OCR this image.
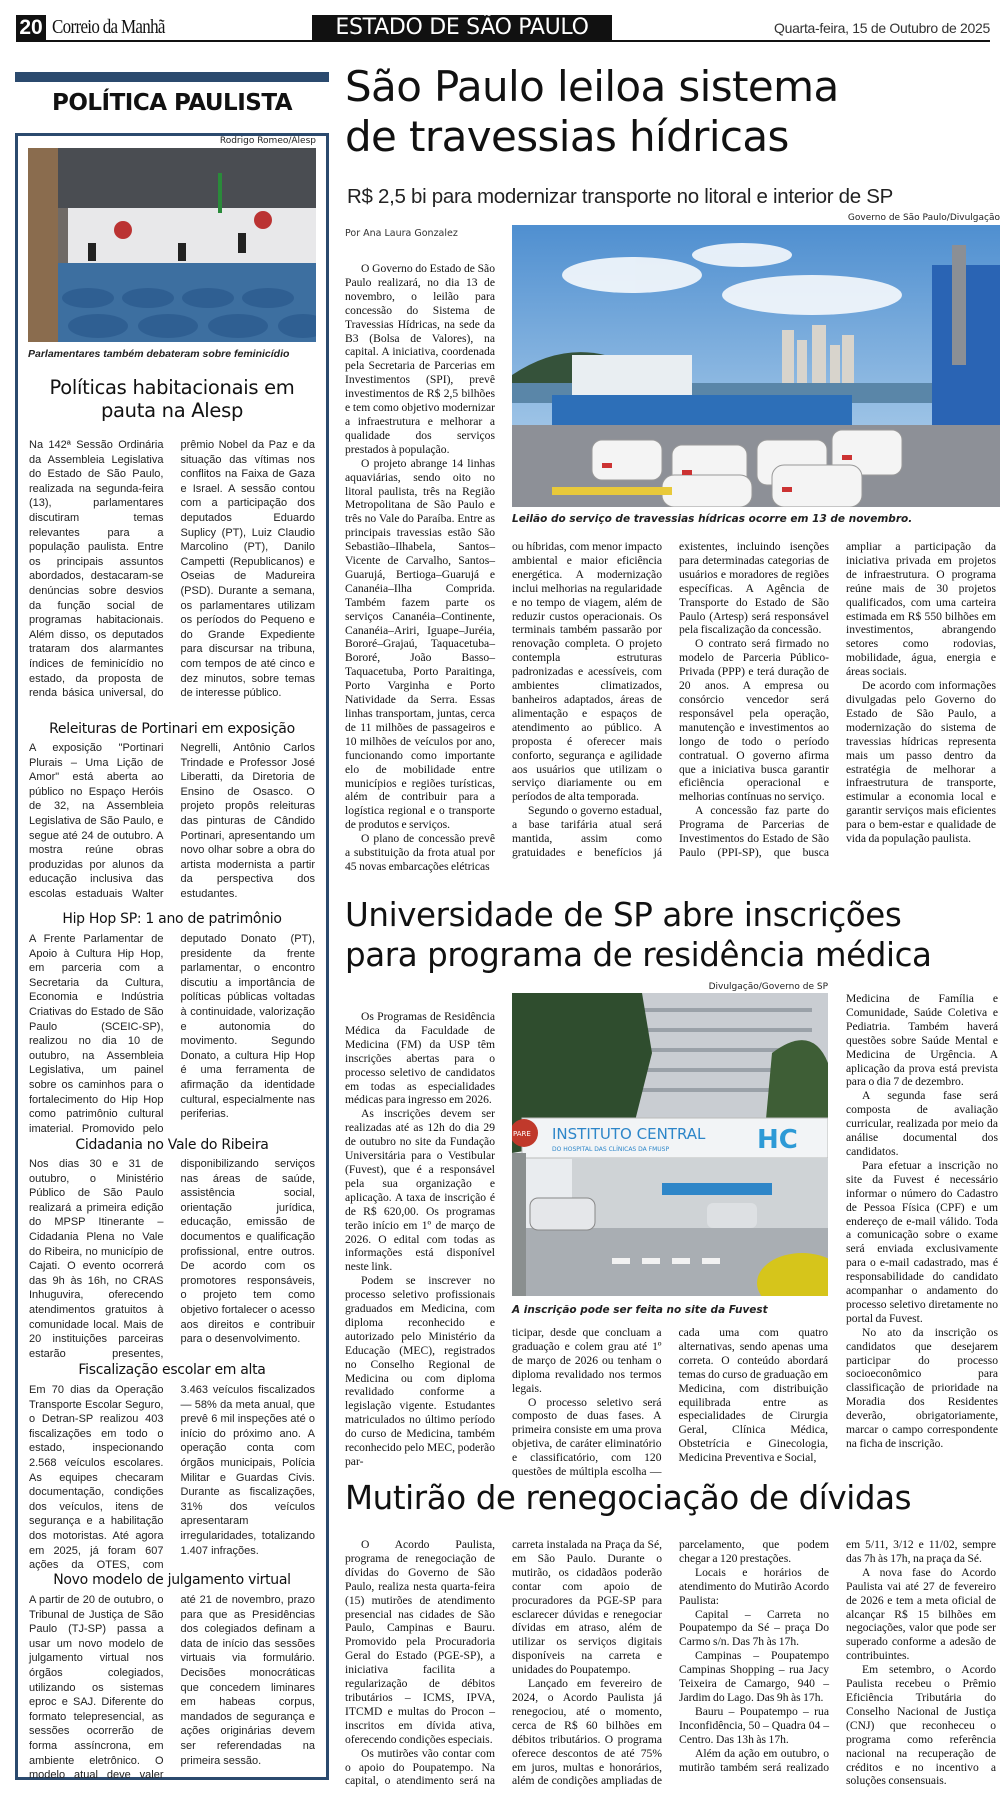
20 Correio da Manhã	ESTADO DE SÃO PAULO	Quarta-feira, 15 de Outubro de 2025
POLÍTICA PAULISTA
Rodrigo Romeo/Alesp
Parlamentares também debateram sobre feminicídio
Políticas habitacionais em pauta na Alesp

Na 142ª Sessão Ordinária da Assembleia Legislativa do Estado de São Paulo, realizada na segunda-feira (13), parlamentares discutiram temas relevantes para a população paulista. Entre os principais assuntos abordados, destacaram-se denúncias sobre desvios da função social de programas habitacionais. Além disso, os deputados trataram dos alarmantes índices de feminicídio no estado, da proposta de renda básica universal, do prêmio Nobel da Paz e da situação das vítimas nos conflitos na Faixa de Gaza e Israel. A sessão contou com a participação dos deputados Eduardo Suplicy (PT), Luiz Claudio Marcolino (PT), Danilo Campetti (Republicanos) e Oseias de Madureira (PSD). Durante a semana, os parlamentares utilizam os períodos do Pequeno e do Grande Expediente para discursar na tribuna, com tempos de até cinco e dez minutos, sobre temas de interesse público.

Releituras de Portinari em exposição

A exposição "Portinari Plurais – Uma Lição de Amor" está aberta ao público no Espaço Heróis de 32, na Assembleia Legislativa de São Paulo, e segue até 24 de outubro. A mostra reúne obras produzidas por alunos da educação inclusiva das escolas estaduais Walter Negrelli, Antônio Carlos Trindade e Professor José Liberatti, da Diretoria de Ensino de Osasco. O projeto propôs releituras das pinturas de Cândido Portinari, apresentando um novo olhar sobre a obra do artista modernista a partir da perspectiva dos estudantes.

Hip Hop SP: 1 ano de patrimônio

A Frente Parlamentar de Apoio à Cultura Hip Hop, em parceria com a Secretaria da Cultura, Economia e Indústria Criativas do Estado de São Paulo (SCEIC-SP), realizou no dia 10 de outubro, na Assembleia Legislativa, um painel sobre os caminhos para o fortalecimento do Hip Hop como patrimônio cultural imaterial. Promovido pelo deputado Donato (PT), presidente da frente parlamentar, o encontro discutiu a importância de políticas públicas voltadas à continuidade, valorização e autonomia do movimento. Segundo Donato, a cultura Hip Hop é uma ferramenta de afirmação da identidade cultural, especialmente nas periferias.

Cidadania no Vale do Ribeira

Nos dias 30 e 31 de outubro, o Ministério Público de São Paulo realizará a primeira edição do MPSP Itinerante – Cidadania Plena no Vale do Ribeira, no município de Cajati. O evento ocorrerá das 9h às 16h, no CRAS Inhuguvira, oferecendo atendimentos gratuitos à comunidade local. Mais de 20 instituições parceiras estarão presentes, disponibilizando serviços nas áreas de saúde, assistência social, orientação jurídica, educação, emissão de documentos e qualificação profissional, entre outros. De acordo com os promotores responsáveis, o projeto tem como objetivo fortalecer o acesso aos direitos e contribuir para o desenvolvimento.

Fiscalização escolar em alta

Em 70 dias da Operação Transporte Escolar Seguro, o Detran-SP realizou 403 fiscalizações em todo o estado, inspecionando 2.568 veículos escolares. As equipes checaram documentação, condições dos veículos, itens de segurança e a habilitação dos motoristas. Até agora em 2025, já foram 607 ações da OTES, com 3.463 veículos fiscalizados — 58% da meta anual, que prevê 6 mil inspeções até o início do próximo ano. A operação conta com órgãos municipais, Polícia Militar e Guardas Civis. Durante as fiscalizações, 31% dos veículos apresentaram irregularidades, totalizando 1.407 infrações.

Novo modelo de julgamento virtual

A partir de 20 de outubro, o Tribunal de Justiça de São Paulo (TJ-SP) passa a usar um novo modelo de julgamento virtual nos órgãos colegiados, utilizando os sistemas eproc e SAJ. Diferente do formato telepresencial, as sessões ocorrerão de forma assíncrona, em ambiente eletrônico. O modelo atual deve valer até 21 de novembro, prazo para que as Presidências dos colegiados definam a data de início das sessões virtuais via formulário. Decisões monocráticas que concedem liminares em habeas corpus, mandados de segurança e ações originárias devem ser referendadas na primeira sessão.

São Paulo leiloa sistema
de travessias hídricas
R$ 2,5 bi para modernizar transporte no litoral e interior de SP
Por Ana Laura Gonzalez
Governo de São Paulo/Divulgação
Leilão do serviço de travessias hídricas ocorre em 13 de novembro.

O Governo do Estado de São Paulo realizará, no dia 13 de novembro, o leilão para concessão do Sistema de Travessias Hídricas, na sede da B3 (Bolsa de Valores), na capital. A iniciativa, coordenada pela Secretaria de Parcerias em Investimentos (SPI), prevê investimentos de R$ 2,5 bilhões e tem como objetivo modernizar a infraestrutura e melhorar a qualidade dos serviços prestados à população.

O projeto abrange 14 linhas aquaviárias, sendo oito no litoral paulista, três na Região Metropolitana de São Paulo e três no Vale do Paraíba. Entre as principais travessias estão São Sebastião–Ilhabela, Santos–Vicente de Carvalho, Santos–Guarujá, Bertioga–Guarujá e Cananéia–Ilha Comprida. Também fazem parte os serviços Cananéia–Continente, Cananéia–Ariri, Iguape–Juréia, Bororé–Grajaú, Taquacetuba–Bororé, João Basso–Taquacetuba, Porto Paraitinga, Porto Varginha e Porto Natividade da Serra. Essas linhas transportam, juntas, cerca de 11 milhões de passageiros e 10 milhões de veículos por ano, funcionando como importante elo de mobilidade entre municípios e regiões turísticas, além de contribuir para a logística regional e o transporte de produtos e serviços.

O plano de concessão prevê a substituição da frota atual por 45 novas embarcações elétricas

ou híbridas, com menor impacto ambiental e maior eficiência energética. A modernização inclui melhorias na regularidade e no tempo de viagem, além de reduzir custos operacionais. Os terminais também passarão por renovação completa. O projeto contempla estruturas padronizadas e acessíveis, com ambientes climatizados, banheiros adaptados, áreas de alimentação e espaços de atendimento ao público. A proposta é oferecer mais conforto, segurança e agilidade aos usuários que utilizam o serviço diariamente ou em períodos de alta temporada.

Segundo o governo estadual, a base tarifária atual será mantida, assim como gratuidades e benefícios já existentes, incluindo isenções para determinadas categorias de usuários e moradores de regiões específicas. A Agência de Transporte do Estado de São Paulo (Artesp) será responsável pela fiscalização da concessão.

O contrato será firmado no modelo de Parceria Público-Privada (PPP) e terá duração de 20 anos. A empresa ou consórcio vencedor será responsável pela operação, manutenção e investimentos ao longo de todo o período contratual. O governo afirma que a iniciativa busca garantir eficiência operacional e melhorias contínuas no serviço.

A concessão faz parte do Programa de Parcerias de Investimentos do Estado de São Paulo (PPI-SP), que busca ampliar a participação da iniciativa privada em projetos de infraestrutura. O programa reúne mais de 30 projetos qualificados, com uma carteira estimada em R$ 550 bilhões em investimentos, abrangendo setores como rodovias, mobilidade, água, energia e áreas sociais.

De acordo com informações divulgadas pelo Governo do Estado de São Paulo, a modernização do sistema de travessias hídricas representa mais um passo dentro da estratégia de melhorar a infraestrutura de transporte, estimular a economia local e garantir serviços mais eficientes para o bem-estar e qualidade de vida da população paulista.

Universidade de SP abre inscrições
para programa de residência médica
Divulgação/Governo de SP
INSTITUTO CENTRAL
DO HOSPITAL DAS CLÍNICAS DA FMUSP	HC
PARE
A inscrição pode ser feita no site da Fuvest

Os Programas de Residência Médica da Faculdade de Medicina (FM) da USP têm inscrições abertas para o processo seletivo de candidatos em todas as especialidades médicas para ingresso em 2026.

As inscrições devem ser realizadas até as 12h do dia 29 de outubro no site da Fundação Universitária para o Vestibular (Fuvest), que é a responsável pela sua organização e aplicação. A taxa de inscrição é de R$ 620,00. Os programas terão início em 1º de março de 2026. O edital com todas as informações está disponível neste link.

Podem se inscrever no processo seletivo profissionais graduados em Medicina, com diploma reconhecido e autorizado pelo Ministério da Educação (MEC), registrados no Conselho Regional de Medicina ou com diploma revalidado conforme a legislação vigente. Estudantes matriculados no último período do curso de Medicina, também reconhecido pelo MEC, poderão par-

ticipar, desde que concluam a graduação e colem grau até 1º de março de 2026 ou tenham o diploma revalidado nos termos legais.

O processo seletivo será composto de duas fases. A primeira consiste em uma prova objetiva, de caráter eliminatório e classificatório, com 120 questões de múltipla escolha — cada uma com quatro alternativas, sendo apenas uma correta. O conteúdo abordará temas do curso de graduação em Medicina, com distribuição equilibrada entre as especialidades de Cirurgia Geral, Clínica Médica, Obstetrícia e Ginecologia, Medicina Preventiva e Social,

Medicina de Família e Comunidade, Saúde Coletiva e Pediatria. Também haverá questões sobre Saúde Mental e Medicina de Urgência. A aplicação da prova está prevista para o dia 7 de dezembro.

A segunda fase será composta de avaliação curricular, realizada por meio da análise documental dos candidatos.

Para efetuar a inscrição no site da Fuvest é necessário informar o número do Cadastro de Pessoa Física (CPF) e um endereço de e-mail válido. Toda a comunicação sobre o exame será enviada exclusivamente para o e-mail cadastrado, mas é responsabilidade do candidato acompanhar o andamento do processo seletivo diretamente no portal da Fuvest.

No ato da inscrição os candidatos que desejarem participar do processo socioeconômico para classificação de prioridade na Moradia dos Residentes deverão, obrigatoriamente, marcar o campo correspondente na ficha de inscrição.

Mutirão de renegociação de dívidas

O Acordo Paulista, programa de renegociação de dívidas do Governo de São Paulo, realiza nesta quarta-feira (15) mutirões de atendimento presencial nas cidades de São Paulo, Campinas e Bauru. Promovido pela Procuradoria Geral do Estado (PGE-SP), a iniciativa facilita a regularização de débitos tributários – ICMS, IPVA, ITCMD e multas do Procon – inscritos em dívida ativa, oferecendo condições especiais.

Os mutirões vão contar com o apoio do Poupatempo. Na capital, o atendimento será na carreta instalada na Praça da Sé, em São Paulo. Durante o mutirão, os cidadãos poderão contar com apoio de procuradores da PGE-SP para esclarecer dúvidas e renegociar dívidas em atraso, além de utilizar os serviços digitais disponíveis na carreta e unidades do Poupatempo.

Lançado em fevereiro de 2024, o Acordo Paulista já renegociou, até o momento, cerca de R$ 60 bilhões em débitos tributários. O programa oferece descontos de até 75% em juros, multas e honorários, além de condições ampliadas de parcelamento, que podem chegar a 120 prestações.

Locais e horários de atendimento do Mutirão Acordo Paulista:

Capital – Carreta no Poupatempo da Sé – praça Do Carmo s/n. Das 7h às 17h.

Campinas – Poupatempo Campinas Shopping – rua Jacy Teixeira de Camargo, 940 – Jardim do Lago. Das 9h às 17h.

Bauru – Poupatempo – rua Inconfidência, 50 – Quadra 04 – Centro. Das 13h às 17h.

Além da ação em outubro, o mutirão também será realizado em 5/11, 3/12 e 11/02, sempre das 7h às 17h, na praça da Sé.

A nova fase do Acordo Paulista vai até 27 de fevereiro de 2026 e tem a meta oficial de alcançar R$ 15 bilhões em negociações, valor que pode ser superado conforme a adesão de contribuintes.

Em setembro, o Acordo Paulista recebeu o Prêmio Eficiência Tributária do Conselho Nacional de Justiça (CNJ) que reconheceu o programa como referência nacional na recuperação de créditos e no incentivo a soluções consensuais.
